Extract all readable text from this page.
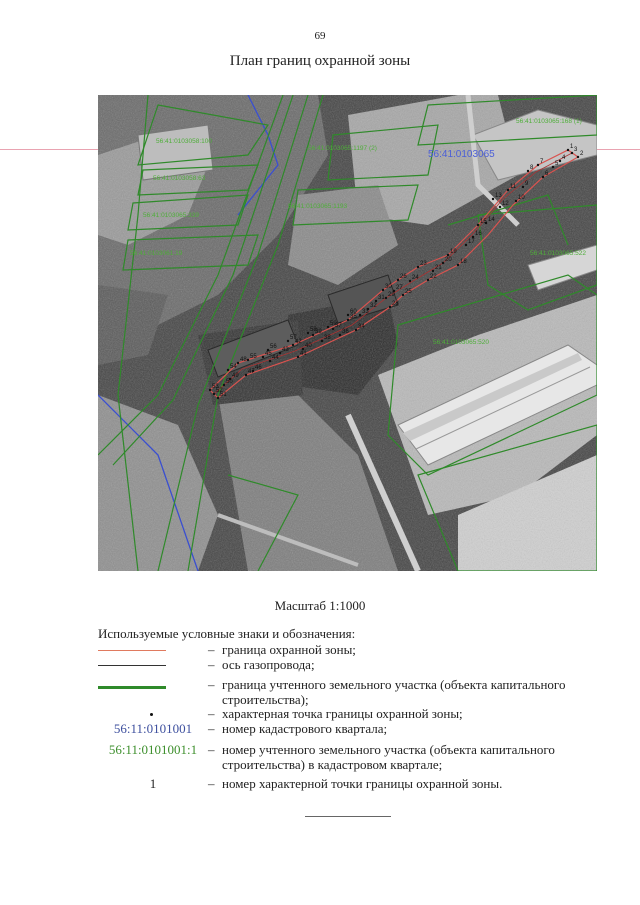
69
План границ охранной зоны
1
2
3
4
5
6
7
8
9
10
11
12
13
14
15
16
17
18
19
20
21
22
23
24
25
26
27
28
29
30
31
32
33
34
35
36
37
38
39
40
41
42
43
44
45
46
47
48
49
50
51
52
53
54
55
56
57
58
59
60
56:41:0103058:100
56:41:0103058:63
56:41:0103065:339
56:41:0103061:19
56:41:0103065:1197 (2)
56:41:0103065:1193
56:41:0103065:168 (1)
56:41:0103065:522
56:41:0103065:520
56:41:0103065
Масштаб 1:1000
Используемые условные знаки и обозначения:
– граница охранной зоны;
– ось газопровода;
– граница учтенного земельного участка (объекта капитального строительства);
– характерная точка границы охранной зоны;
56:11:0101001	– номер кадастрового квартала;
56:11:0101001:1 – номер учтенного земельного участка (объекта капитального строительства) в кадастровом квартале;
1	– номер характерной точки границы охранной зоны.
